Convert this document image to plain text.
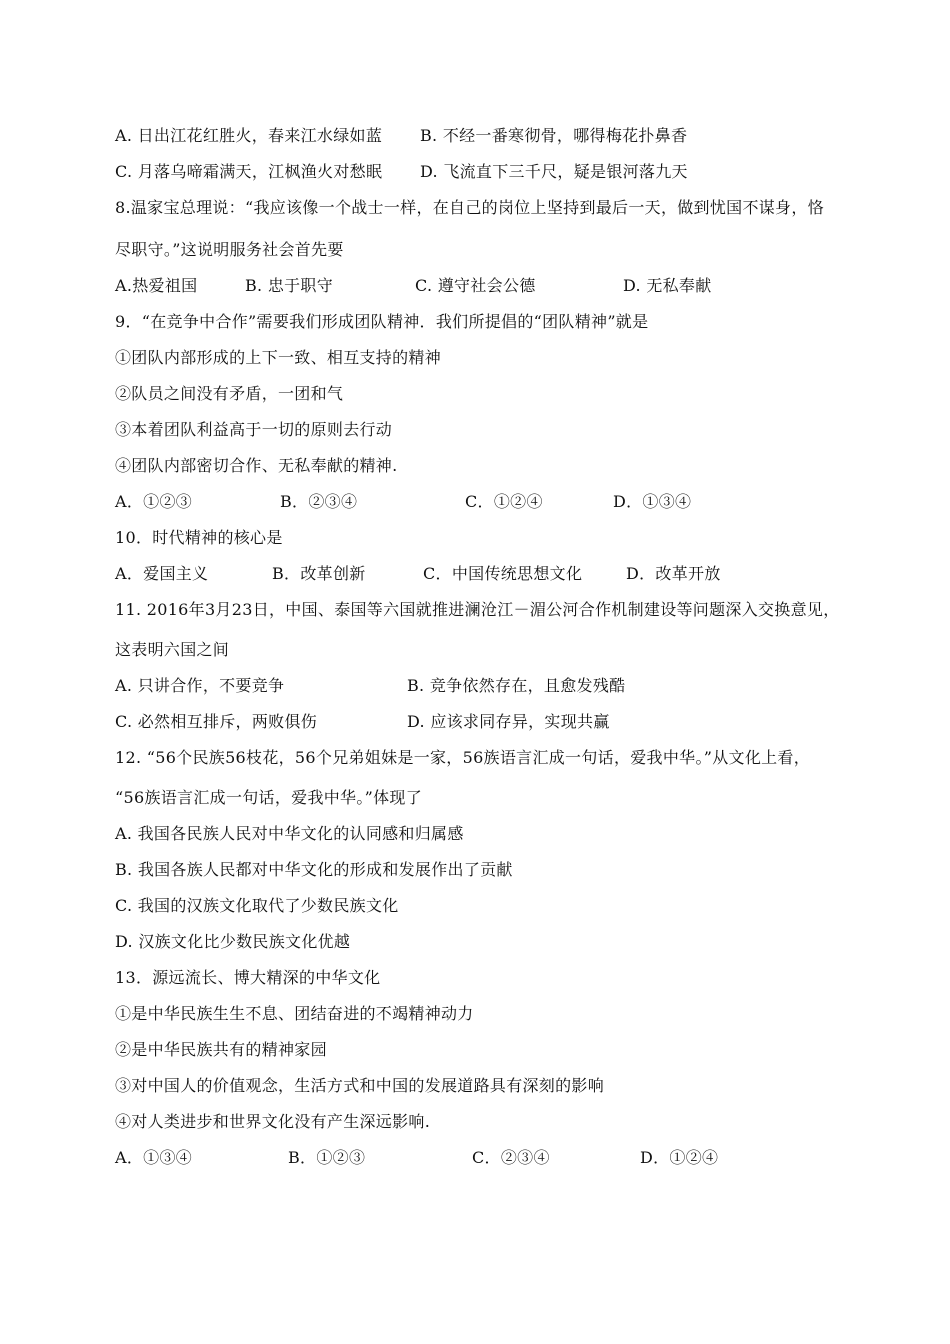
A. 日出江花红胜火，春来江水绿如蓝 B. 不经一番寒彻骨，哪得梅花扑鼻香
C. 月落乌啼霜满天，江枫渔火对愁眠 D. 飞流直下三千尺，疑是银河落九天
8.温家宝总理说：“我应该像一个战士一样，在自己的岗位上坚持到最后一天，做到忧国不谋身，恪
尽职守。”这说明服务社会首先要
A.热爱祖国	B. 忠于职守	C. 遵守社会公德	D. 无私奉献
9．“在竞争中合作”需要我们形成团队精神．我们所提倡的“团队精神”就是
①团队内部形成的上下一致、相互支持的精神
②队员之间没有矛盾，一团和气
③本着团队利益高于一切的原则去行动
④团队内部密切合作、无私奉献的精神.
A．①②③	B．②③④	C．①②④	D．①③④
10．时代精神的核心是
A．爱国主义	B．改革创新	C．中国传统思想文化	D．改革开放
11. 2016年3月23日，中国、泰国等六国就推进澜沧江－湄公河合作机制建设等问题深入交换意见，
这表明六国之间
A. 只讲合作，不要竞争	B. 竞争依然存在，且愈发残酷
C. 必然相互排斥，两败俱伤	D. 应该求同存异，实现共赢
12. “56个民族56枝花，56个兄弟姐妹是一家，56族语言汇成一句话，爱我中华。”从文化上看，
“56族语言汇成一句话，爱我中华。”体现了
A. 我国各民族人民对中华文化的认同感和归属感
B. 我国各族人民都对中华文化的形成和发展作出了贡献
C. 我国的汉族文化取代了少数民族文化
D. 汉族文化比少数民族文化优越
13．源远流长、博大精深的中华文化
①是中华民族生生不息、团结奋进的不竭精神动力
②是中华民族共有的精神家园
③对中国人的价值观念，生活方式和中国的发展道路具有深刻的影响
④对人类进步和世界文化没有产生深远影响.
A．①③④	B．①②③	C．②③④	D．①②④
